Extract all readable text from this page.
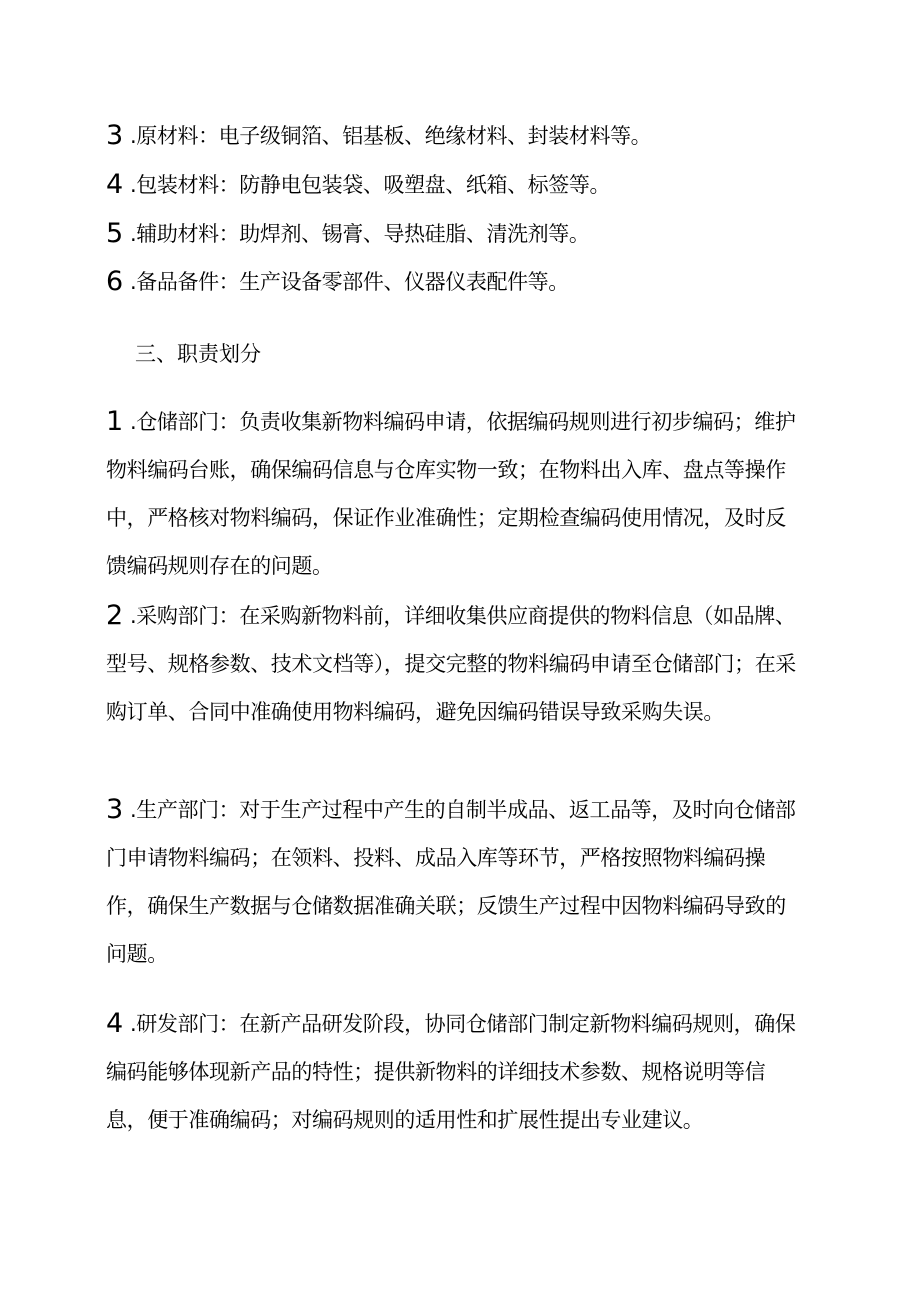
3 .原材料：电子级铜箔、铝基板、绝缘材料、封装材料等。
4 .包装材料：防静电包装袋、吸塑盘、纸箱、标签等。
5 .辅助材料：助焊剂、锡膏、导热硅脂、清洗剂等。
6 .备品备件：生产设备零部件、仪器仪表配件等。
三、职责划分
1 .仓储部门：负责收集新物料编码申请，依据编码规则进行初步编码；维护物料编码台账，确保编码信息与仓库实物一致；在物料出入库、盘点等操作中，严格核对物料编码，保证作业准确性；定期检查编码使用情况，及时反馈编码规则存在的问题。
2 .采购部门：在采购新物料前，详细收集供应商提供的物料信息（如品牌、型号、规格参数、技术文档等），提交完整的物料编码申请至仓储部门；在采购订单、合同中准确使用物料编码，避免因编码错误导致采购失误。
3 .生产部门：对于生产过程中产生的自制半成品、返工品等，及时向仓储部门申请物料编码；在领料、投料、成品入库等环节，严格按照物料编码操作，确保生产数据与仓储数据准确关联；反馈生产过程中因物料编码导致的问题。
4 .研发部门：在新产品研发阶段，协同仓储部门制定新物料编码规则，确保编码能够体现新产品的特性；提供新物料的详细技术参数、规格说明等信息，便于准确编码；对编码规则的适用性和扩展性提出专业建议。
